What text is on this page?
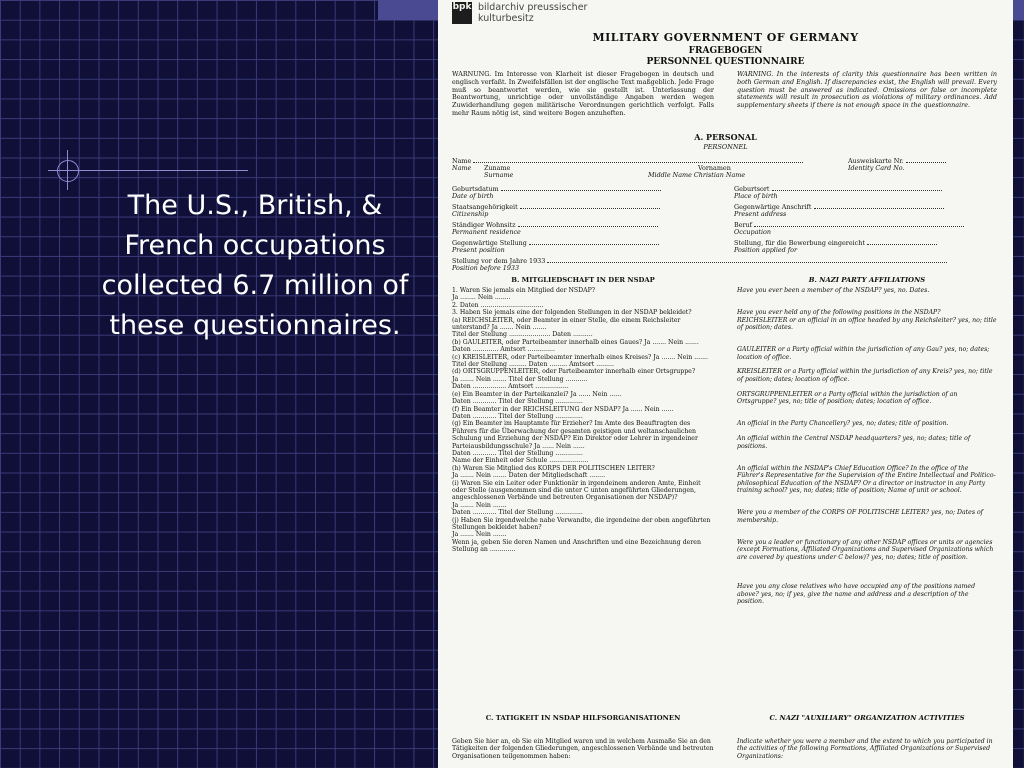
The U.S., British, & French occupations collected 6.7 million of these questionnaires.
bpk bildarchiv preussischer
kulturbesitz
MILITARY GOVERNMENT OF GERMANY
FRAGEBOGEN
PERSONNEL QUESTIONNAIRE
WARNUNG. Im Interesse von Klarheit ist dieser Fragebogen in deutsch und englisch verfaßt. In Zweifelsfällen ist der englische Text maßgeblich. Jede Frage muß so beantwortet werden, wie sie gestellt ist. Unterlassung der Beantwortung, unrichtige oder unvollständige Angaben werden wegen Zuwiderhandlung gegen militärische Verordnungen gerichtlich verfolgt. Falls mehr Raum nötig ist, sind weitere Bogen anzuheften.
WARNING. In the interests of clarity this questionnaire has been written in both German and English. If discrepancies exist, the English will prevail. Every question must be answered as indicated. Omissions or false or incomplete statements will result in prosecution as violations of military ordinances. Add supplementary sheets if there is not enough space in the questionnaire.
A. PERSONAL
PERSONNEL
Name
Name Zuname
Surname
Vornamen
Middle Name Christian Name
Ausweiskarte Nr.
Identity Card No.
Geburtsdatum
Date of birth
Geburtsort
Place of birth
Staatsangehörigkeit
Citizenship
Gegenwärtige Anschrift
Present address
Ständiger Wohnsitz
Permanent residence
Beruf
Occupation
Gegenwärtige Stellung
Present position
Stellung, für die Bewerbung eingereicht
Position applied for
Stellung vor dem Jahre 1933
Position before 1933
B. MITGLIEDSCHAFT IN DER NSDAP	B. NAZI PARTY AFFILIATIONS
1. Waren Sie jemals ein Mitglied der NSDAP?
Ja ........ Nein ........
2. Daten ................................
3. Haben Sie jemals eine der folgenden Stellungen in der NSDAP bekleidet?
(a) REICHSLEITER, oder Beamter in einer Stelle, die einem Reichsleiter unterstand? Ja ....... Nein .......
Titel der Stellung ..................... Daten ..........
(b) GAULEITER, oder Parteibeamter innerhalb eines Gaues? Ja ....... Nein .......
Daten ............. Amtsort ..............
(c) KREISLEITER, oder Parteibeamter innerhalb eines Kreises? Ja ....... Nein .......
Titel der Stellung ......... Daten ......... Amtsort .........
(d) ORTSGRUPPENLEITER, oder Parteibeamter innerhalb einer Ortsgruppe?
Ja ....... Nein ....... Titel der Stellung ...........
Daten ................. Amtsort .................
(e) Ein Beamter in der Parteikanzlei? Ja ...... Nein ......
Daten ............ Titel der Stellung ..............
(f) Ein Beamter in der REICHSLEITUNG der NSDAP? Ja ...... Nein ......
Daten ............ Titel der Stellung ..............
(g) Ein Beamter im Hauptamte für Erzieher? Im Amte des Beauftragten des Führers für die Überwachung der gesamten geistigen und weltanschaulichen Schulung und Erziehung der NSDAP? Ein Direktor oder Lehrer in irgendeiner Parteiausbildungsschule? Ja ...... Nein ......
Daten ............ Titel der Stellung ..............
Name der Einheit oder Schule ....................
(h) Waren Sie Mitglied des KORPS DER POLITISCHEN LEITER?
Ja ....... Nein ....... Daten der Mitgliedschaft ........
(i) Waren Sie ein Leiter oder Funktionär in irgendeinem anderen Amte, Einheit oder Stelle (ausgenommen sind die unter C unten angeführten Gliederungen, angeschlossenen Verbände und betreuten Organisationen der NSDAP)?
Ja ....... Nein .......
Daten ............ Titel der Stellung ..............
(j) Haben Sie irgendwelche nahe Verwandte, die irgendeine der oben angeführten Stellungen bekleidet haben?
Ja ....... Nein .......
Wenn ja, geben Sie deren Namen und Anschriften und eine Bezeichnung deren Stellung an .............
Have you ever been a member of the NSDAP? yes, no. Dates.

Have you ever held any of the following positions in the NSDAP?
REICHSLEITER or an official in an office headed by any Reichsleiter? yes, no; title of position; dates.

GAULEITER or a Party official within the jurisdiction of any Gau? yes, no; dates; location of office.

KREISLEITER or a Party official within the jurisdiction of any Kreis? yes, no; title of position; dates; location of office.

ORTSGRUPPENLEITER or a Party official within the jurisdiction of an Ortsgruppe? yes, no; title of position; dates; location of office.

An official in the Party Chancellery? yes, no; dates; title of position.

An official within the Central NSDAP headquarters? yes, no; dates; title of positions.

An official within the NSDAP's Chief Education Office? In the office of the Führer's Representative for the Supervision of the Entire Intellectual and Politico-philosophical Education of the NSDAP? Or a director or instructor in any Party training school? yes, no; dates; title of position; Name of unit or school.

Were you a member of the CORPS OF POLITISCHE LEITER? yes, no; Dates of membership.

Were you a leader or functionary of any other NSDAP offices or units or agencies (except Formations, Affiliated Organizations and Supervised Organizations which are covered by questions under C below)? yes, no; dates; title of position.

Have you any close relatives who have occupied any of the positions named above? yes, no; if yes, give the name and address and a description of the position.
C. TATIGKEIT IN NSDAP HILFSORGANISATIONEN	C. NAZI "AUXILIARY" ORGANIZATION ACTIVITIES
Geben Sie hier an, ob Sie ein Mitglied waren und in welchem Ausmaße Sie an den Tätigkeiten der folgenden Gliederungen, angeschlossenen Verbände und betreuten Organisationen teilgenommen haben:
Indicate whether you were a member and the extent to which you participated in the activities of the following Formations, Affiliated Organizations or Supervised Organizations:
